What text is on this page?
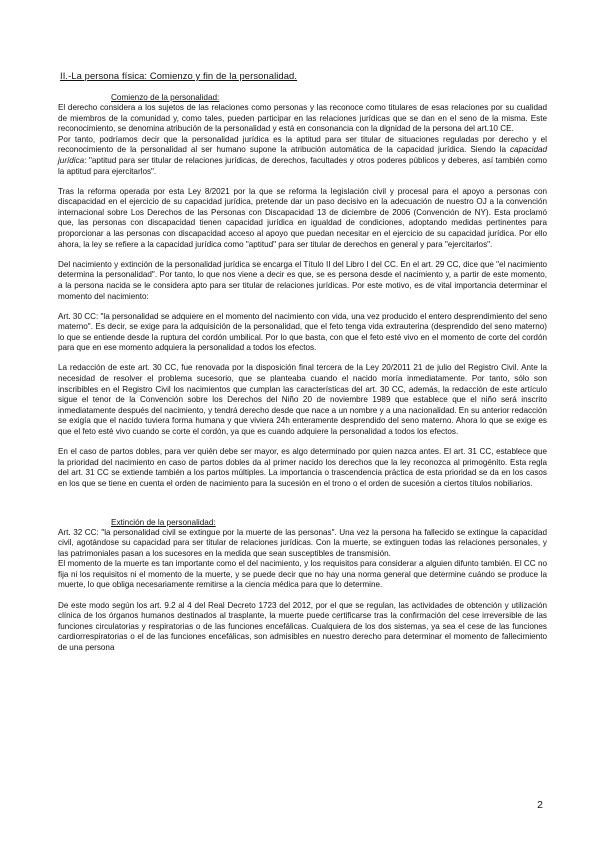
II.-La persona física: Comienzo y fin de la personalidad.
Comienzo de la personalidad:

El derecho considera a los sujetos de las relaciones como personas y las reconoce como titulares de esas relaciones por su cualidad de miembros de la comunidad y, como tales, pueden participar en las relaciones jurídicas que se dan en el seno de la misma. Este reconocimiento, se denomina atribución de la personalidad y está en consonancia con la dignidad de la persona del art.10 CE.

Por tanto, podríamos decir que la personalidad jurídica es la aptitud para ser titular de situaciones reguladas por derecho y el reconocimiento de la personalidad al ser humano supone la atribución automática de la capacidad jurídica. Siendo la capacidad jurídica: "aptitud para ser titular de relaciones jurídicas, de derechos, facultades y otros poderes públicos y deberes, así también como la aptitud para ejercitarlos".

Tras la reforma operada por esta Ley 8/2021 por la que se reforma la legislación civil y procesal para el apoyo a personas con discapacidad en el ejercicio de su capacidad jurídica, pretende dar un paso decisivo en la adecuación de nuestro OJ a la convención internacional sobre Los Derechos de las Personas con Discapacidad 13 de diciembre de 2006 (Convención de NY). Esta proclamó que, las personas con discapacidad tienen capacidad jurídica en igualdad de condiciones, adoptando medidas pertinentes para proporcionar a las personas con discapacidad acceso al apoyo que puedan necesitar en el ejercicio de su capacidad jurídica. Por ello ahora, la ley se refiere a la capacidad jurídica como "aptitud" para ser titular de derechos en general y para "ejercitarlos".

Del nacimiento y extinción de la personalidad jurídica se encarga el Título II del Libro I del CC. En el art. 29 CC, dice que "el nacimiento determina la personalidad". Por tanto, lo que nos viene a decir es que, se es persona desde el nacimiento y, a partir de este momento, a la persona nacida se le considera apto para ser titular de relaciones jurídicas. Por este motivo, es de vital importancia determinar el momento del nacimiento:

Art. 30 CC: "la personalidad se adquiere en el momento del nacimiento con vida, una vez producido el entero desprendimiento del seno materno". Es decir, se exige para la adquisición de la personalidad, que el feto tenga vida extrauterina (desprendido del seno materno) lo que se entiende desde la ruptura del cordón umbilical. Por lo que basta, con que el feto esté vivo en el momento de corte del cordón para que en ese momento adquiera la personalidad a todos los efectos.

La redacción de este art. 30 CC, fue renovada por la disposición final tercera de la Ley 20/2011 21 de julio del Registro Civil. Ante la necesidad de resolver el problema sucesorio, que se planteaba cuando el nacido moría inmediatamente. Por tanto, sólo son inscribibles en el Registro Civil los nacimientos que cumplan las características del art. 30 CC, además, la redacción de este artículo sigue el tenor de la Convención sobre los Derechos del Niño 20 de noviembre 1989 que establece que el niño será inscrito inmediatamente después del nacimiento, y tendrá derecho desde que nace a un nombre y a una nacionalidad. En su anterior redacción se exigía que el nacido tuviera forma humana y que viviera 24h enteramente desprendido del seno materno. Ahora lo que se exige es que el feto esté vivo cuando se corte el cordón, ya que es cuando adquiere la personalidad a todos los efectos.

En el caso de partos dobles, para ver quién debe ser mayor, es algo determinado por quien nazca antes. El art. 31 CC, establece que la prioridad del nacimiento en caso de partos dobles da al primer nacido los derechos que la ley reconozca al primogénito. Esta regla del art. 31 CC se extiende también a los partos múltiples. La importancia o trascendencia práctica de esta prioridad se da en los casos en los que se tiene en cuenta el orden de nacimiento para la sucesión en el trono o el orden de sucesión a ciertos títulos nobiliarios.

Extinción de la personalidad:

Art. 32 CC: "la personalidad civil se extingue por la muerte de las personas". Una vez la persona ha fallecido se extingue la capacidad civil, agotándose su capacidad para ser titular de relaciones jurídicas. Con la muerte, se extinguen todas las relaciones personales, y las patrimoniales pasan a los sucesores en la medida que sean susceptibles de transmisión.

El momento de la muerte es tan importante como el del nacimiento, y los requisitos para considerar a alguien difunto también. El CC no fija ni los requisitos ni el momento de la muerte, y se puede decir que no hay una norma general que determine cuándo se produce la muerte, lo que obliga necesariamente remitirse a la ciencia médica para que lo determine.

De este modo según los art. 9.2 al 4 del Real Decreto 1723 del 2012, por el que se regulan, las actividades de obtención y utilización clínica de los órganos humanos destinados al trasplante, la muerte puede certificarse tras la confirmación del cese irreversible de las funciones circulatorias y respiratorias o de las funciones encefálicas. Cualquiera de los dos sistemas, ya sea el cese de las funciones cardiorrespiratorias o el de las funciones encefálicas, son admisibles en nuestro derecho para determinar el momento de fallecimiento de una persona

2
